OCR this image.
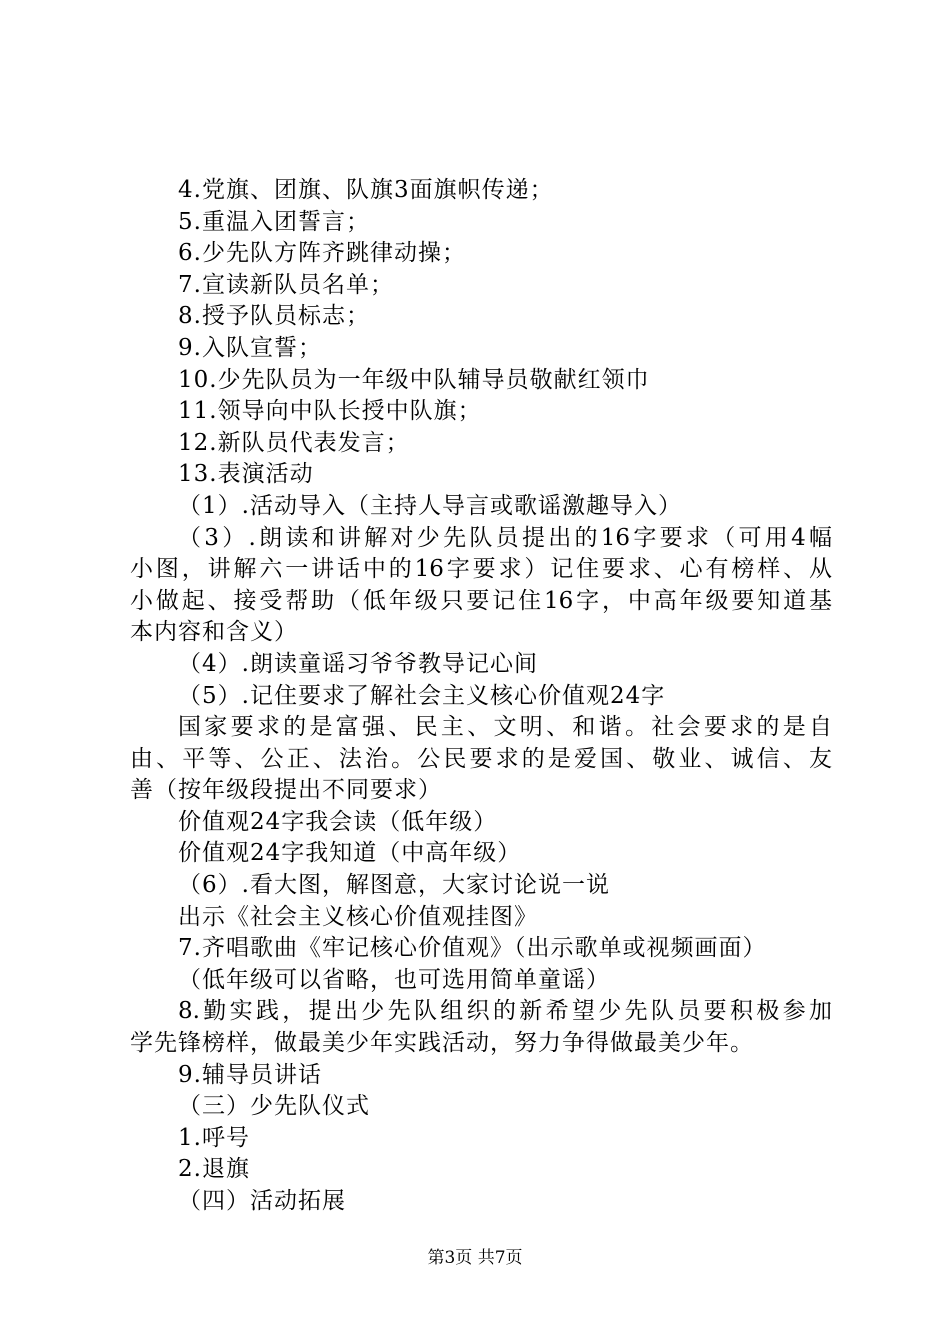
4.党旗、团旗、队旗3面旗帜传递；
5.重温入团誓言；
6.少先队方阵齐跳律动操；
7.宣读新队员名单；
8.授予队员标志；
9.入队宣誓；
10.少先队员为一年级中队辅导员敬献红领巾
11.领导向中队长授中队旗；
12.新队员代表发言；
13.表演活动
（1）.活动导入（主持人导言或歌谣激趣导入）
（3）.朗读和讲解对少先队员提出的16字要求（可用4幅
小图，讲解六一讲话中的16字要求）记住要求、心有榜样、从
小做起、接受帮助（低年级只要记住16字，中高年级要知道基
本内容和含义）
（4）.朗读童谣习爷爷教导记心间
（5）.记住要求了解社会主义核心价值观24字
国家要求的是富强、民主、文明、和谐。社会要求的是自
由、平等、公正、法治。公民要求的是爱国、敬业、诚信、友
善（按年级段提出不同要求）
价值观24字我会读（低年级）
价值观24字我知道（中高年级）
（6）.看大图，解图意，大家讨论说一说
出示《社会主义核心价值观挂图》
7.齐唱歌曲《牢记核心价值观》（出示歌单或视频画面）
（低年级可以省略，也可选用简单童谣）
8.勤实践，提出少先队组织的新希望少先队员要积极参加
学先锋榜样，做最美少年实践活动，努力争得做最美少年。
9.辅导员讲话
（三）少先队仪式
1.呼号
2.退旗
（四）活动拓展
第3页 共7页
